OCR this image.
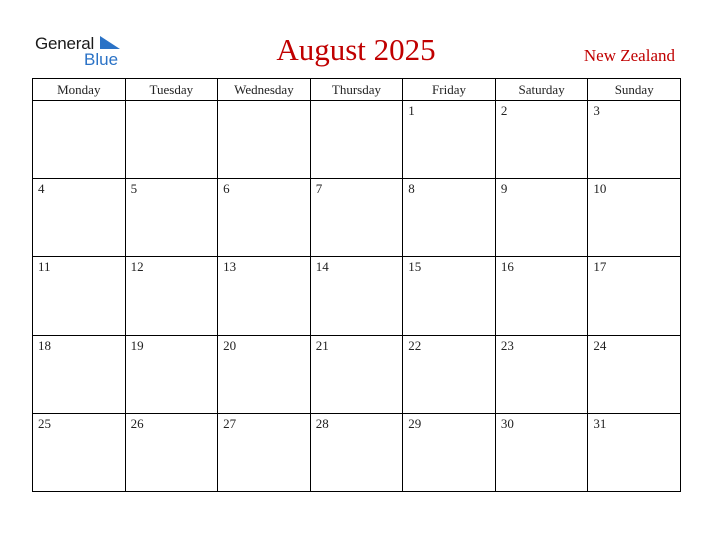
General
Blue	August 2025	New Zealand
Monday	Tuesday	Wednesday	Thursday	Friday	Saturday	Sunday

				1	2	3

4	5	6	7	8	9	10

11	12	13	14	15	16	17

18	19	20	21	22	23	24

25	26	27	28	29	30	31
